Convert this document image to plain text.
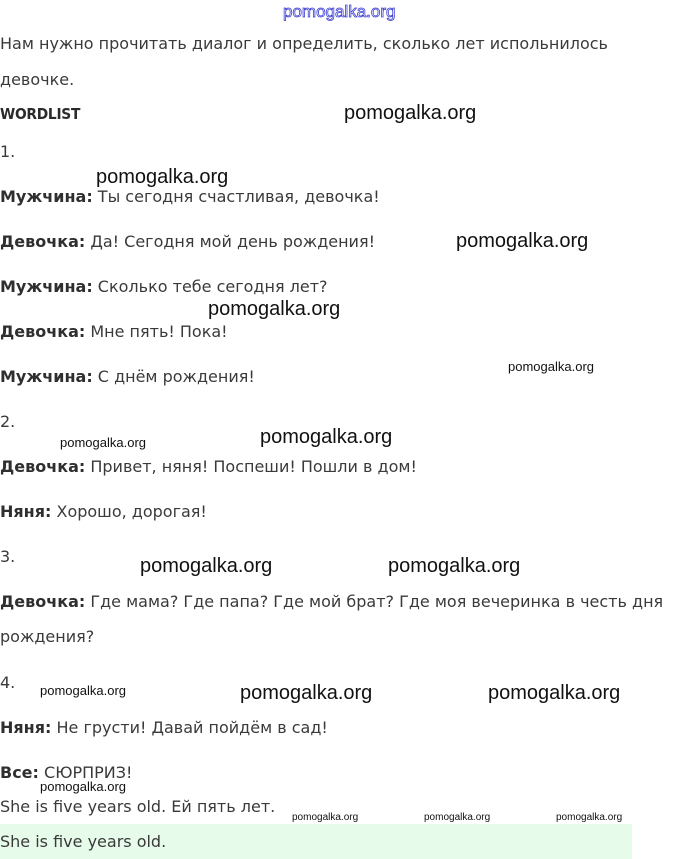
pomogalka.org
Нам нужно прочитать диалог и определить, сколько лет испольнилось
девочке.
WORDLIST
1.
Мужчина: Ты сегодня счастливая, девочка!
Девочка: Да! Сегодня мой день рождения!
Мужчина: Сколько тебе сегодня лет?
Девочка: Мне пять! Пока!
Мужчина: С днём рождения!
2.
Девочка: Привет, няня! Поспеши! Пошли в дом!
Няня: Хорошо, дорогая!
3.
Девочка: Где мама? Где папа? Где мой брат? Где моя вечеринка в честь дня
рождения?
4.
Няня: Не грусти! Давай пойдём в сад!
Все: СЮРПРИЗ!
She is five years old. Ей пять лет.
She is five years old.
pomogalka.org
pomogalka.org
pomogalka.org
pomogalka.org
pomogalka.org
pomogalka.org	pomogalka.org
pomogalka.org	pomogalka.org
pomogalka.org	pomogalka.org	pomogalka.org
pomogalka.org
pomogalka.org	pomogalka.org	pomogalka.org
